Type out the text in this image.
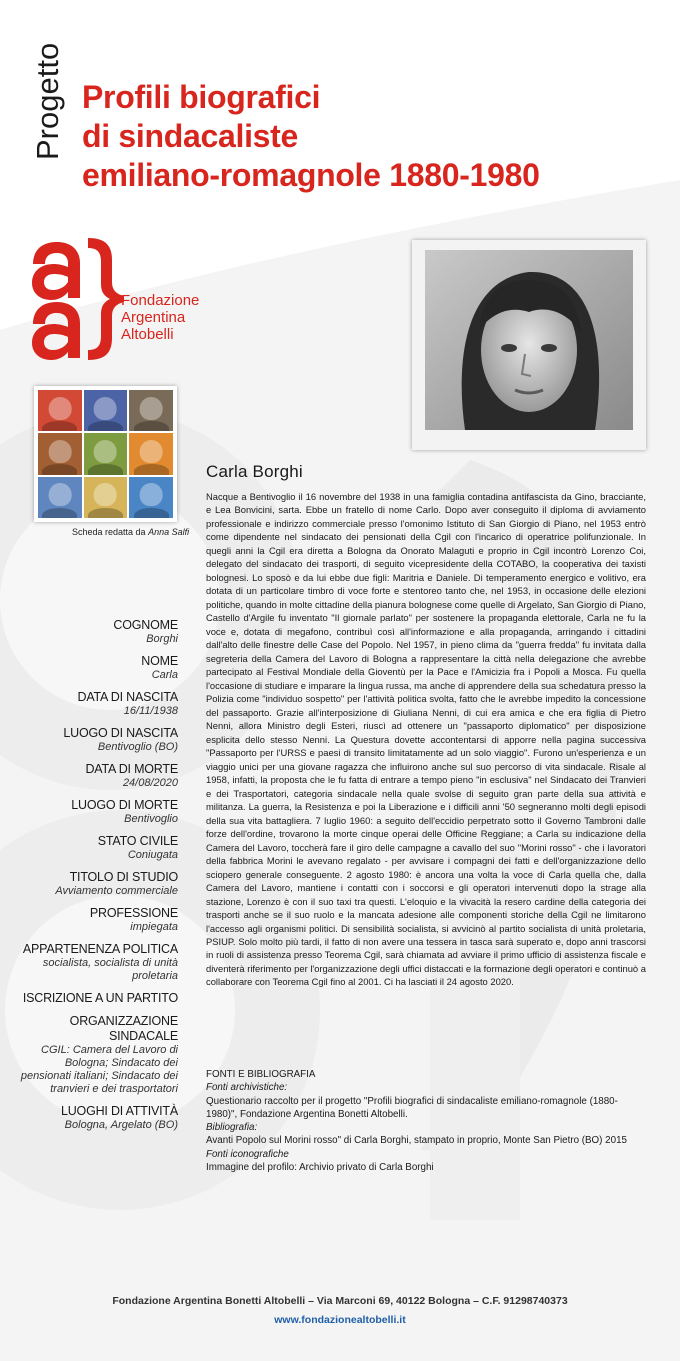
Progetto Profili biografici
di sindacaliste
emiliano-romagnole 1880-1980
Fondazione
Argentina
Altobelli
Scheda redatta da Anna Salfi
Carla Borghi
Nacque a Bentivoglio il 16 novembre del 1938 in una famiglia contadina antifascista da Gino, bracciante, e Lea Bonvicini, sarta. Ebbe un fratello di nome Carlo. Dopo aver conseguito il diploma di avviamento professionale e indirizzo commerciale presso l'omonimo Istituto di San Giorgio di Piano, nel 1953 entrò come dipendente nel sindacato dei pensionati della Cgil con l'incarico di operatrice polifunzionale. In quegli anni la Cgil era diretta a Bologna da Onorato Malaguti e proprio in Cgil incontrò Lorenzo Coi, delegato del sindacato dei trasporti, di seguito vicepresidente della COTABO, la cooperativa dei taxisti bolognesi. Lo sposò e da lui ebbe due figli: Maritria e Daniele. Di temperamento energico e volitivo, era dotata di un particolare timbro di voce forte e stentoreo tanto che, nel 1953, in occasione delle elezioni politiche, quando in molte cittadine della pianura bolognese come quelle di Argelato, San Giorgio di Piano, Castello d'Argile fu inventato "Il giornale parlato" per sostenere la propaganda elettorale, Carla ne fu la voce e, dotata di megafono, contribuì così all'informazione e alla propaganda, arringando i cittadini dall'alto delle finestre delle Case del Popolo. Nel 1957, in pieno clima da "guerra fredda" fu invitata dalla segreteria della Camera del Lavoro di Bologna a rappresentare la città nella delegazione che avrebbe partecipato al Festival Mondiale della Gioventù per la Pace e l'Amicizia fra i Popoli a Mosca. Fu quella l'occasione di studiare e imparare la lingua russa, ma anche di apprendere della sua schedatura presso la Polizia come "individuo sospetto" per l'attività politica svolta, fatto che le avrebbe impedito la concessione del passaporto. Grazie all'interposizione di Giuliana Nenni, di cui era amica e che era figlia di Pietro Nenni, allora Ministro degli Esteri, riuscì ad ottenere un "passaporto diplomatico" per disposizione esplicita dello stesso Nenni. La Questura dovette accontentarsi di apporre nella pagina successiva "Passaporto per l'URSS e paesi di transito limitatamente ad un solo viaggio". Furono un'esperienza e un viaggio unici per una giovane ragazza che influirono anche sul suo percorso di vita sindacale. Risale al 1958, infatti, la proposta che le fu fatta di entrare a tempo pieno "in esclusiva" nel Sindacato dei Tranvieri e dei Trasportatori, categoria sindacale nella quale svolse di seguito gran parte della sua attività e militanza. La guerra, la Resistenza e poi la Liberazione e i difficili anni '50 segneranno molti degli episodi della sua vita battagliera. 7 luglio 1960: a seguito dell'eccidio perpetrato sotto il Governo Tambroni dalle forze dell'ordine, trovarono la morte cinque operai delle Officine Reggiane; a Carla su indicazione della Camera del Lavoro, toccherà fare il giro delle campagne a cavallo del suo "Morini rosso" - che i lavoratori della fabbrica Morini le avevano regalato - per avvisare i compagni dei fatti e dell'organizzazione dello sciopero generale conseguente. 2 agosto 1980: è ancora una volta la voce di Carla quella che, dalla Camera del Lavoro, mantiene i contatti con i soccorsi e gli operatori intervenuti dopo la strage alla stazione, Lorenzo è con il suo taxi tra questi. L'eloquio e la vivacità la resero cardine della categoria dei trasporti anche se il suo ruolo e la mancata adesione alle componenti storiche della Cgil ne limitarono l'accesso agli organismi politici. Di sensibilità socialista, si avvicinò al partito socialista di unità proletaria, PSIUP. Solo molto più tardi, il fatto di non avere una tessera in tasca sarà superato e, dopo anni trascorsi in ruoli di assistenza presso Teorema Cgil, sarà chiamata ad avviare il primo ufficio di assistenza fiscale e diventerà riferimento per l'organizzazione degli uffici distaccati e la formazione degli operatori e continuò a collaborare con Teorema Cgil fino al 2001. Ci ha lasciati il 24 agosto 2020.
COGNOME
Borghi
NOME
Carla
DATA DI NASCITA
16/11/1938
LUOGO DI NASCITA
Bentivoglio (BO)
DATA DI MORTE
24/08/2020
LUOGO DI MORTE
Bentivoglio
STATO CIVILE
Coniugata
TITOLO DI STUDIO
Avviamento commerciale
PROFESSIONE
impiegata
APPARTENENZA POLITICA
socialista, socialista di unità proletaria
ISCRIZIONE A UN PARTITO
ORGANIZZAZIONE SINDACALE
CGIL: Camera del Lavoro di Bologna; Sindacato dei pensionati italiani; Sindacato dei tranvieri e dei trasportatori
LUOGHI DI ATTIVITÀ
Bologna, Argelato (BO)
FONTI E BIBLIOGRAFIA
Fonti archivistiche:
Questionario raccolto per il progetto "Profili biografici di sindacaliste emiliano-romagnole (1880-1980)", Fondazione Argentina Bonetti Altobelli.
Bibliografia:
Avanti Popolo sul Morini rosso" di Carla Borghi, stampato in proprio, Monte San Pietro (BO) 2015
Fonti iconografiche
Immagine del profilo: Archivio privato di Carla Borghi
Fondazione Argentina Bonetti Altobelli – Via Marconi 69, 40122 Bologna – C.F. 91298740373
www.fondazionealtobelli.it
